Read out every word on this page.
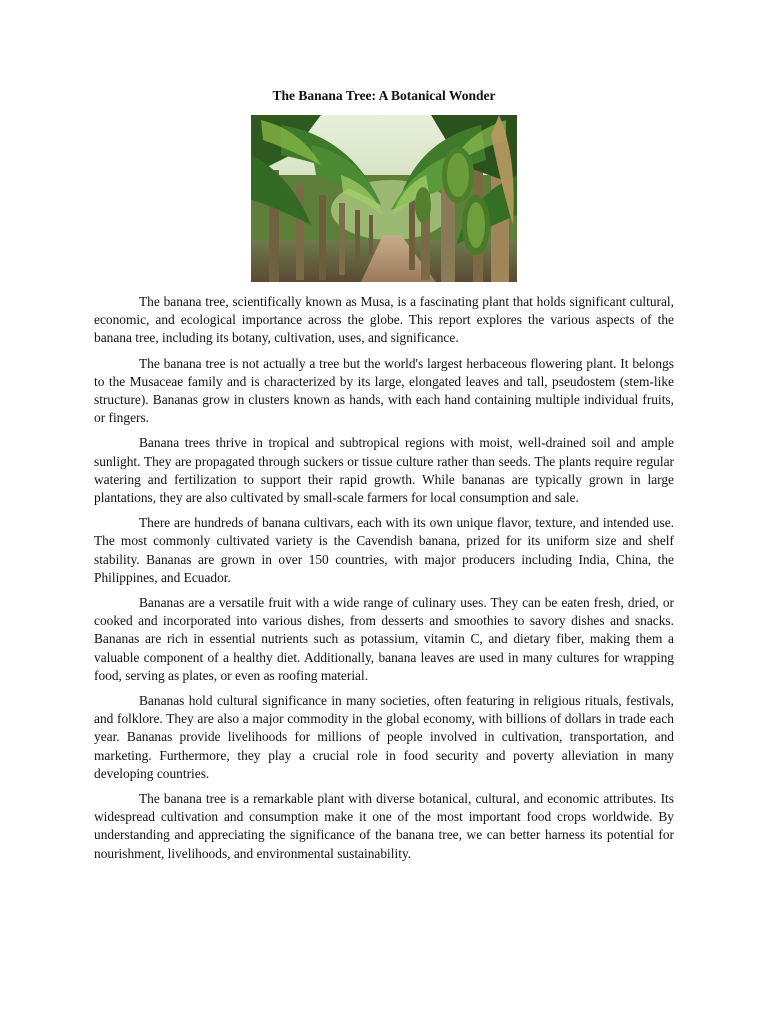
The Banana Tree: A Botanical Wonder

The banana tree, scientifically known as Musa, is a fascinating plant that holds significant cultural, economic, and ecological importance across the globe. This report explores the various aspects of the banana tree, including its botany, cultivation, uses, and significance.

The banana tree is not actually a tree but the world's largest herbaceous flowering plant. It belongs to the Musaceae family and is characterized by its large, elongated leaves and tall, pseudostem (stem-like structure). Bananas grow in clusters known as hands, with each hand containing multiple individual fruits, or fingers.

Banana trees thrive in tropical and subtropical regions with moist, well-drained soil and ample sunlight. They are propagated through suckers or tissue culture rather than seeds. The plants require regular watering and fertilization to support their rapid growth. While bananas are typically grown in large plantations, they are also cultivated by small-scale farmers for local consumption and sale.

There are hundreds of banana cultivars, each with its own unique flavor, texture, and intended use. The most commonly cultivated variety is the Cavendish banana, prized for its uniform size and shelf stability. Bananas are grown in over 150 countries, with major producers including India, China, the Philippines, and Ecuador.

Bananas are a versatile fruit with a wide range of culinary uses. They can be eaten fresh, dried, or cooked and incorporated into various dishes, from desserts and smoothies to savory dishes and snacks. Bananas are rich in essential nutrients such as potassium, vitamin C, and dietary fiber, making them a valuable component of a healthy diet. Additionally, banana leaves are used in many cultures for wrapping food, serving as plates, or even as roofing material.

Bananas hold cultural significance in many societies, often featuring in religious rituals, festivals, and folklore. They are also a major commodity in the global economy, with billions of dollars in trade each year. Bananas provide livelihoods for millions of people involved in cultivation, transportation, and marketing. Furthermore, they play a crucial role in food security and poverty alleviation in many developing countries.

The banana tree is a remarkable plant with diverse botanical, cultural, and economic attributes. Its widespread cultivation and consumption make it one of the most important food crops worldwide. By understanding and appreciating the significance of the banana tree, we can better harness its potential for nourishment, livelihoods, and environmental sustainability.
